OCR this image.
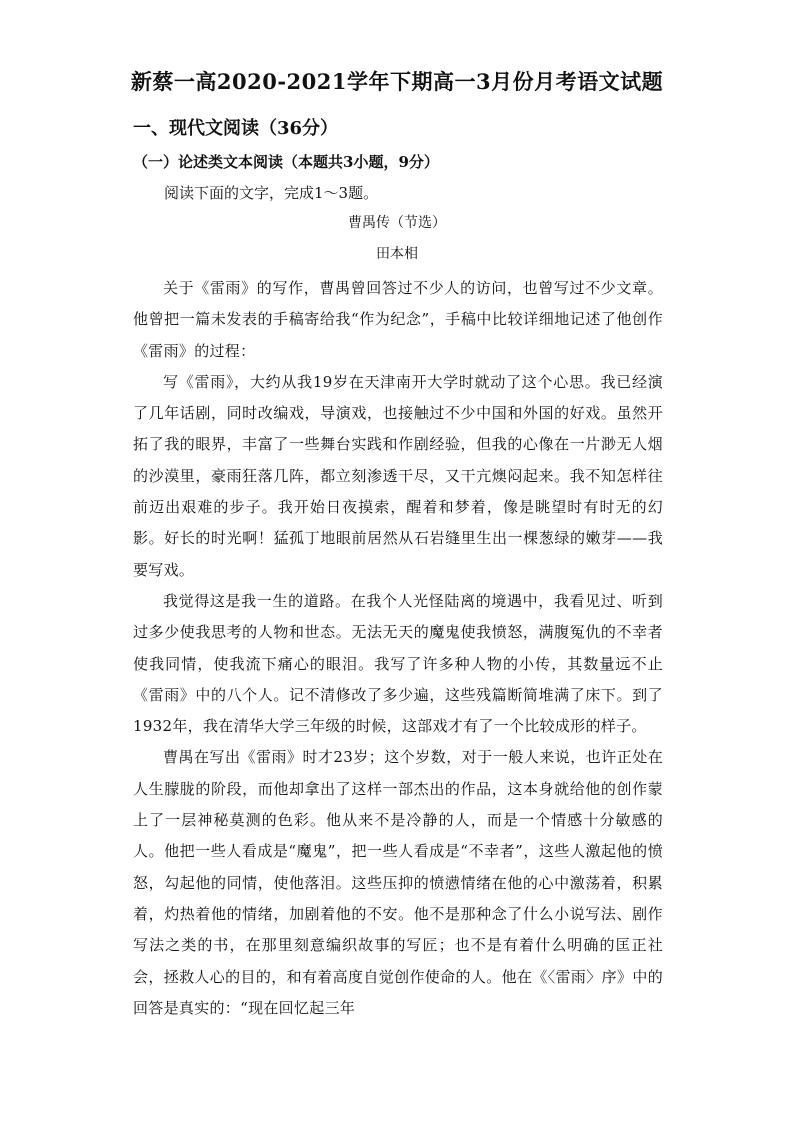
新蔡一高2020-2021学年下期高一3月份月考语文试题
一、现代文阅读（36分）
（一）论述类文本阅读（本题共3小题，9分）
阅读下面的文字，完成1～3题。
曹禺传（节选）
田本相

关于《雷雨》的写作，曹禺曾回答过不少人的访问，也曾写过不少文章。他曾把一篇未发表的手稿寄给我“作为纪念”，手稿中比较详细地记述了他创作《雷雨》的过程：

写《雷雨》，大约从我19岁在天津南开大学时就动了这个心思。我已经演了几年话剧，同时改编戏，导演戏，也接触过不少中国和外国的好戏。虽然开拓了我的眼界，丰富了一些舞台实践和作剧经验，但我的心像在一片渺无人烟的沙漠里，豪雨狂落几阵，都立刻渗透干尽，又干亢燠闷起来。我不知怎样往前迈出艰难的步子。我开始日夜摸索，醒着和梦着，像是眺望时有时无的幻影。好长的时光啊！猛孤丁地眼前居然从石岩缝里生出一棵葱绿的嫩芽——我要写戏。

我觉得这是我一生的道路。在我个人光怪陆离的境遇中，我看见过、听到过多少使我思考的人物和世态。无法无天的魔鬼使我愤怒，满腹冤仇的不幸者使我同情，使我流下痛心的眼泪。我写了许多种人物的小传，其数量远不止《雷雨》中的八个人。记不清修改了多少遍，这些残篇断简堆满了床下。到了1932年，我在清华大学三年级的时候，这部戏才有了一个比较成形的样子。

曹禺在写出《雷雨》时才23岁；这个岁数，对于一般人来说，也许正处在人生朦胧的阶段，而他却拿出了这样一部杰出的作品，这本身就给他的创作蒙上了一层神秘莫测的色彩。他从来不是冷静的人，而是一个情感十分敏感的人。他把一些人看成是“魔鬼”，把一些人看成是“不幸者”，这些人激起他的愤怒，勾起他的同情，使他落泪。这些压抑的愤懑情绪在他的心中激荡着，积累着，灼热着他的情绪，加剧着他的不安。他不是那种念了什么小说写法、剧作写法之类的书，在那里刻意编织故事的写匠；也不是有着什么明确的匡正社会，拯救人心的目的，和有着高度自觉创作使命的人。他在《〈雷雨〉序》中的回答是真实的：“现在回忆起三年
